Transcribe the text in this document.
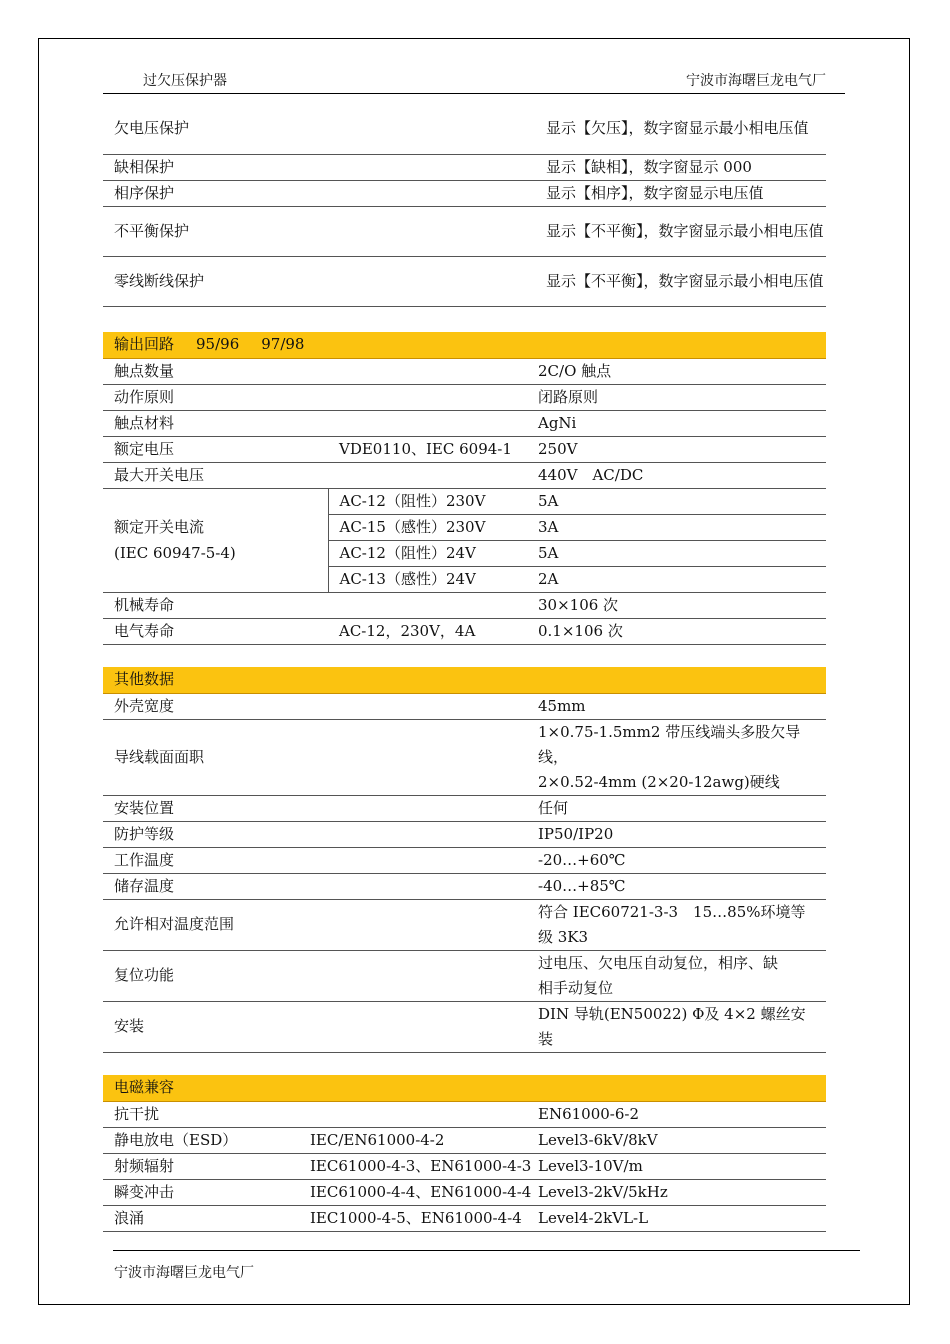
过欠压保护器	宁波市海曙巨龙电气厂
欠电压保护	显示【欠压】，数字窗显示最小相电压值
缺相保护	显示【缺相】，数字窗显示 000
相序保护	显示【相序】，数字窗显示电压值
不平衡保护	显示【不平衡】，数字窗显示最小相电压值
零线断线保护	显示【不平衡】，数字窗显示最小相电压值
输出回路 95/96 97/98		
触点数量		2C/O 触点
动作原则		闭路原则
触点材料		AgNi
额定电压	VDE0110、IEC 6094-1	250V
最大开关电压		440V　AC/DC

额定开关电流
(IEC 60947-5-4)	AC-12（阻性）230V	5A
	AC-15（感性）230V	3A
	AC-12（阻性）24V	5A
	AC-13（感性）24V	2A
机械寿命		30×106 次
电气寿命	AC-12，230V，4A	0.1×106 次
其他数据	
外壳宽度	45mm
导线载面面职	1×0.75-1.5mm2 带压线端头多股欠导
线，
2×0.52-4mm (2×20-12awg)硬线

安装位置	任何
防护等级	IP50/IP20
工作温度	-20…+60℃
储存温度	-40…+85℃
允许相对温度范围	符合 IEC60721-3-3　15…85%环境等
级 3K3

复位功能	过电压、欠电压自动复位，相序、缺
相手动复位

安装	DIN 导轨(EN50022) Φ及 4×2 螺丝安
装
电磁兼容		
抗干扰		EN61000-6-2
静电放电（ESD）	IEC/EN61000-4-2	Level3-6kV/8kV
射频辐射	IEC61000-4-3、EN61000-4-3	Level3-10V/m
瞬变冲击	IEC61000-4-4、EN61000-4-4	Level3-2kV/5kHz
浪涌	IEC1000-4-5、EN61000-4-4	Level4-2kVL-L
宁波市海曙巨龙电气厂
